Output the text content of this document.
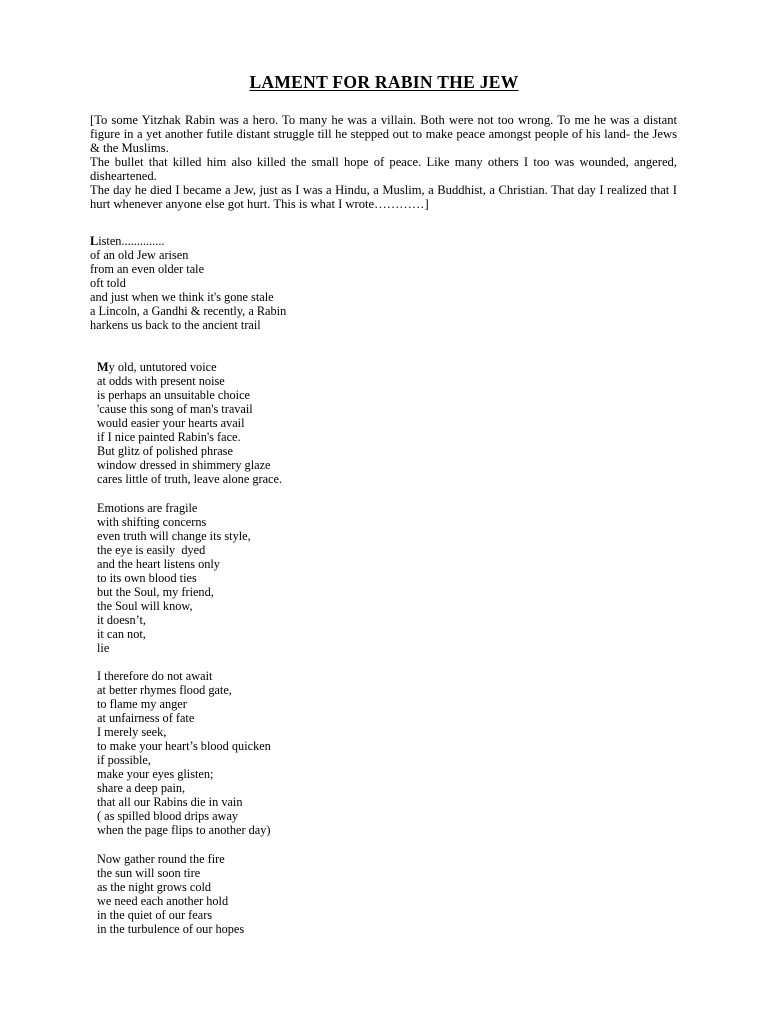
LAMENT FOR RABIN THE JEW

[To some Yitzhak Rabin was a hero. To many he was a villain. Both were not too wrong. To me he was a distant figure in a yet another futile distant struggle till he stepped out to make peace amongst people of his land- the Jews & the Muslims.

The bullet that killed him also killed the small hope of peace. Like many others I too was wounded, angered, disheartened.

The day he died I became a Jew, just as I was a Hindu, a Muslim, a Buddhist, a Christian. That day I realized that I hurt whenever anyone else got hurt. This is what I wrote…………]

Listen..............
of an old Jew arisen
from an even older tale
oft told
and just when we think it's gone stale
a Lincoln, a Gandhi & recently, a Rabin
harkens us back to the ancient trail
My old, untutored voice
at odds with present noise
is perhaps an unsuitable choice
'cause this song of man's travail
would easier your hearts avail
if I nice painted Rabin's face.
But glitz of polished phrase
window dressed in shimmery glaze
cares little of truth, leave alone grace.
Emotions are fragile
with shifting concerns
even truth will change its style,
the eye is easily  dyed
and the heart listens only
to its own blood ties
but the Soul, my friend,
the Soul will know,
it doesn’t,
it can not,
lie
I therefore do not await
at better rhymes flood gate,
to flame my anger
at unfairness of fate
I merely seek,
to make your heart’s blood quicken
if possible,
make your eyes glisten;
share a deep pain,
that all our Rabins die in vain
( as spilled blood drips away
when the page flips to another day)
Now gather round the fire
the sun will soon tire
as the night grows cold
we need each another hold
in the quiet of our fears
in the turbulence of our hopes
